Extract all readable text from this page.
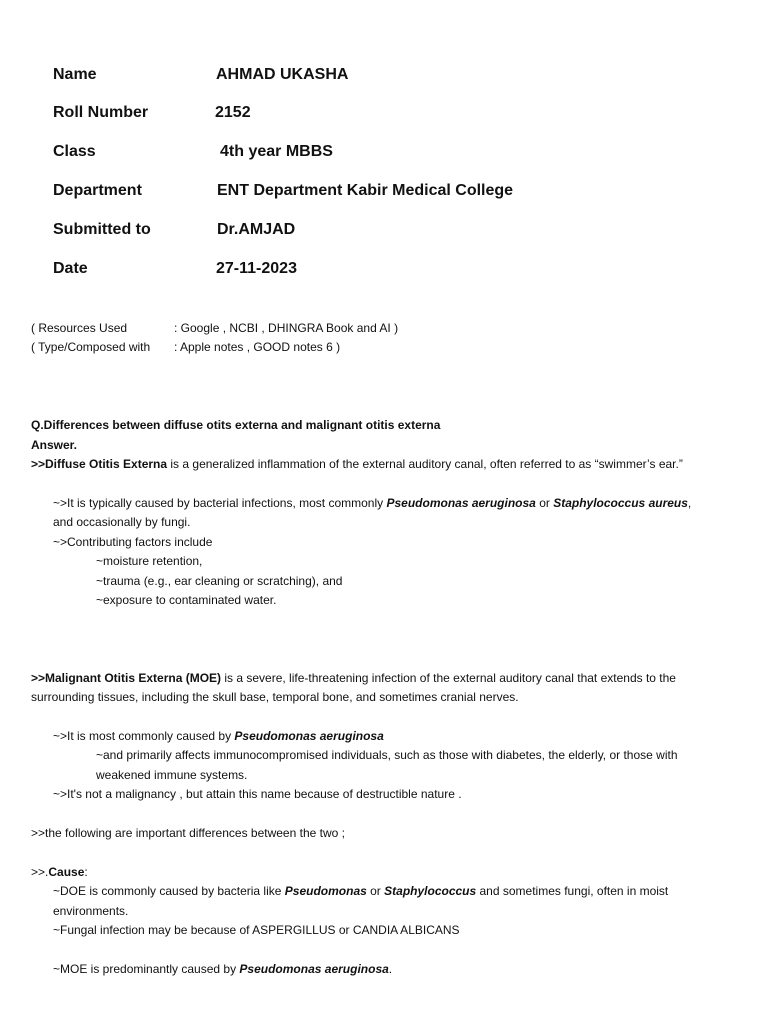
Name	AHMAD UKASHA
Roll Number	2152
Class	4th year MBBS
Department	ENT Department Kabir Medical College
Submitted to	Dr.AMJAD
Date	27-11-2023
( Resources Used	: Google , NCBI , DHINGRA Book and AI )
( Type/Composed with : Apple notes , GOOD notes 6 )
Q.Differences between diffuse otits externa and malignant otitis externa
Answer.
>>Diffuse Otitis Externa is a generalized inflammation of the external auditory canal, often referred to as “swimmer’s ear.”
~>It is typically caused by bacterial infections, most commonly Pseudomonas aeruginosa or Staphylococcus aureus,
and occasionally by fungi.
~>Contributing factors include
~moisture retention,
~trauma (e.g., ear cleaning or scratching), and
~exposure to contaminated water.
>>Malignant Otitis Externa (MOE) is a severe, life-threatening infection of the external auditory canal that extends to the
surrounding tissues, including the skull base, temporal bone, and sometimes cranial nerves.
~>It is most commonly caused by Pseudomonas aeruginosa
~and primarily affects immunocompromised individuals, such as those with diabetes, the elderly, or those with
weakened immune systems.
~>It's not a malignancy , but attain this name because of destructible nature .
>>the following are important differences between the two ;
>>.Cause:
~DOE is commonly caused by bacteria like Pseudomonas or Staphylococcus and sometimes fungi, often in moist
environments.
~Fungal infection may be because of ASPERGILLUS or CANDIA ALBICANS
~MOE is predominantly caused by Pseudomonas aeruginosa.
